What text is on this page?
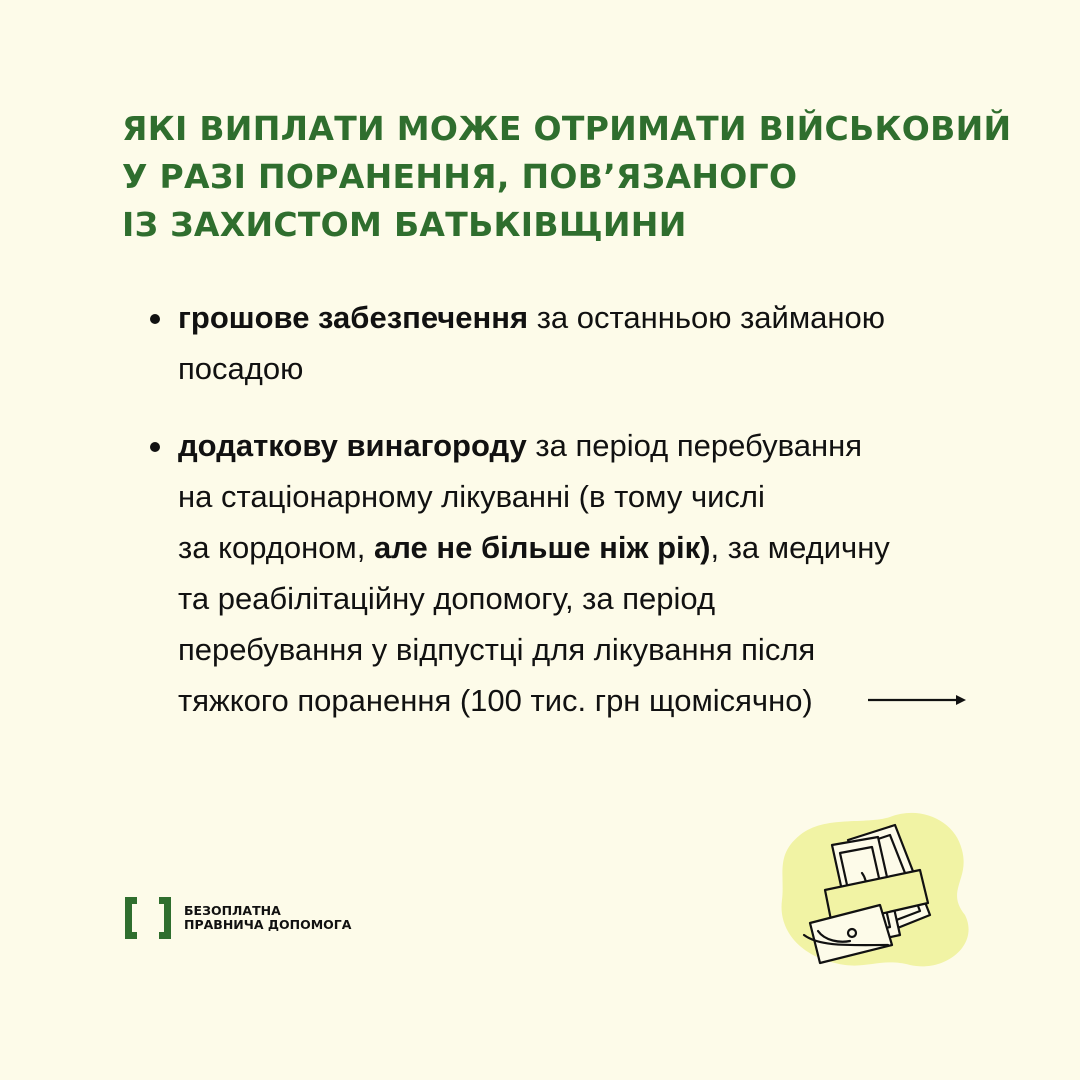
ЯКІ ВИПЛАТИ МОЖЕ ОТРИМАТИ ВІЙСЬКОВИЙ
У РАЗІ ПОРАНЕННЯ, ПОВ’ЯЗАНОГО
ІЗ ЗАХИСТОМ БАТЬКІВЩИНИ
грошове забезпечення за останньою займаною
посадою
додаткову винагороду за період перебування
на стаціонарному лікуванні (в тому числі
за кордоном, але не більше ніж рік), за медичну
та реабілітаційну допомогу, за період
перебування у відпустці для лікування після
тяжкого поранення (100 тис. грн щомісячно)
БЕЗОПЛАТНА
ПРАВНИЧА ДОПОМОГА
